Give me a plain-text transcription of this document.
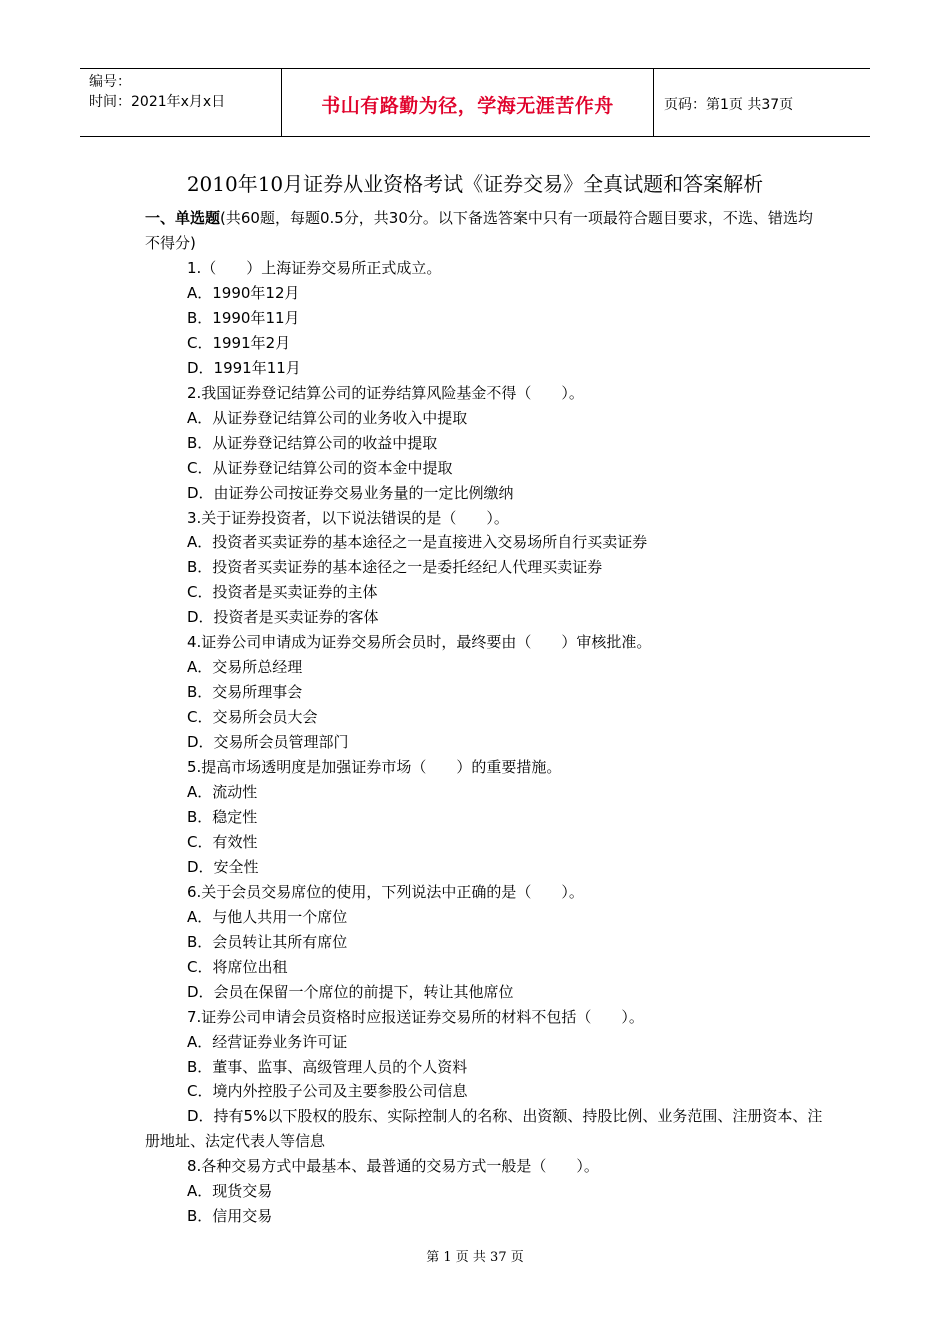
编号：
时间：2021年x月x日	书山有路勤为径，学海无涯苦作舟	页码：第1页 共37页
2010年10月证券从业资格考试《证券交易》全真试题和答案解析

一、单选题(共60题，每题0.5分，共30分。以下备选答案中只有一项最符合题目要求，不选、错选均不得分)

1.（　　）上海证券交易所正式成立。
A．1990年12月
B．1990年11月
C．1991年2月
D．1991年11月
2.我国证券登记结算公司的证券结算风险基金不得（　　）。
A．从证券登记结算公司的业务收入中提取
B．从证券登记结算公司的收益中提取
C．从证券登记结算公司的资本金中提取
D．由证券公司按证券交易业务量的一定比例缴纳
3.关于证券投资者，以下说法错误的是（　　）。
A．投资者买卖证券的基本途径之一是直接进入交易场所自行买卖证券
B．投资者买卖证券的基本途径之一是委托经纪人代理买卖证券
C．投资者是买卖证券的主体
D．投资者是买卖证券的客体
4.证券公司申请成为证券交易所会员时，最终要由（　　）审核批准。
A．交易所总经理
B．交易所理事会
C．交易所会员大会
D．交易所会员管理部门
5.提高市场透明度是加强证券市场（　　）的重要措施。
A．流动性
B．稳定性
C．有效性
D．安全性
6.关于会员交易席位的使用，下列说法中正确的是（　　）。
A．与他人共用一个席位
B．会员转让其所有席位
C．将席位出租
D．会员在保留一个席位的前提下，转让其他席位
7.证券公司申请会员资格时应报送证券交易所的材料不包括（　　）。
A．经营证券业务许可证
B．董事、监事、高级管理人员的个人资料
C．境内外控股子公司及主要参股公司信息
D．持有5%以下股权的股东、实际控制人的名称、出资额、持股比例、业务范围、注册资本、注册地址、法定代表人等信息
8.各种交易方式中最基本、最普通的交易方式一般是（　　）。
A．现货交易
B．信用交易
第 1 页 共 37 页
